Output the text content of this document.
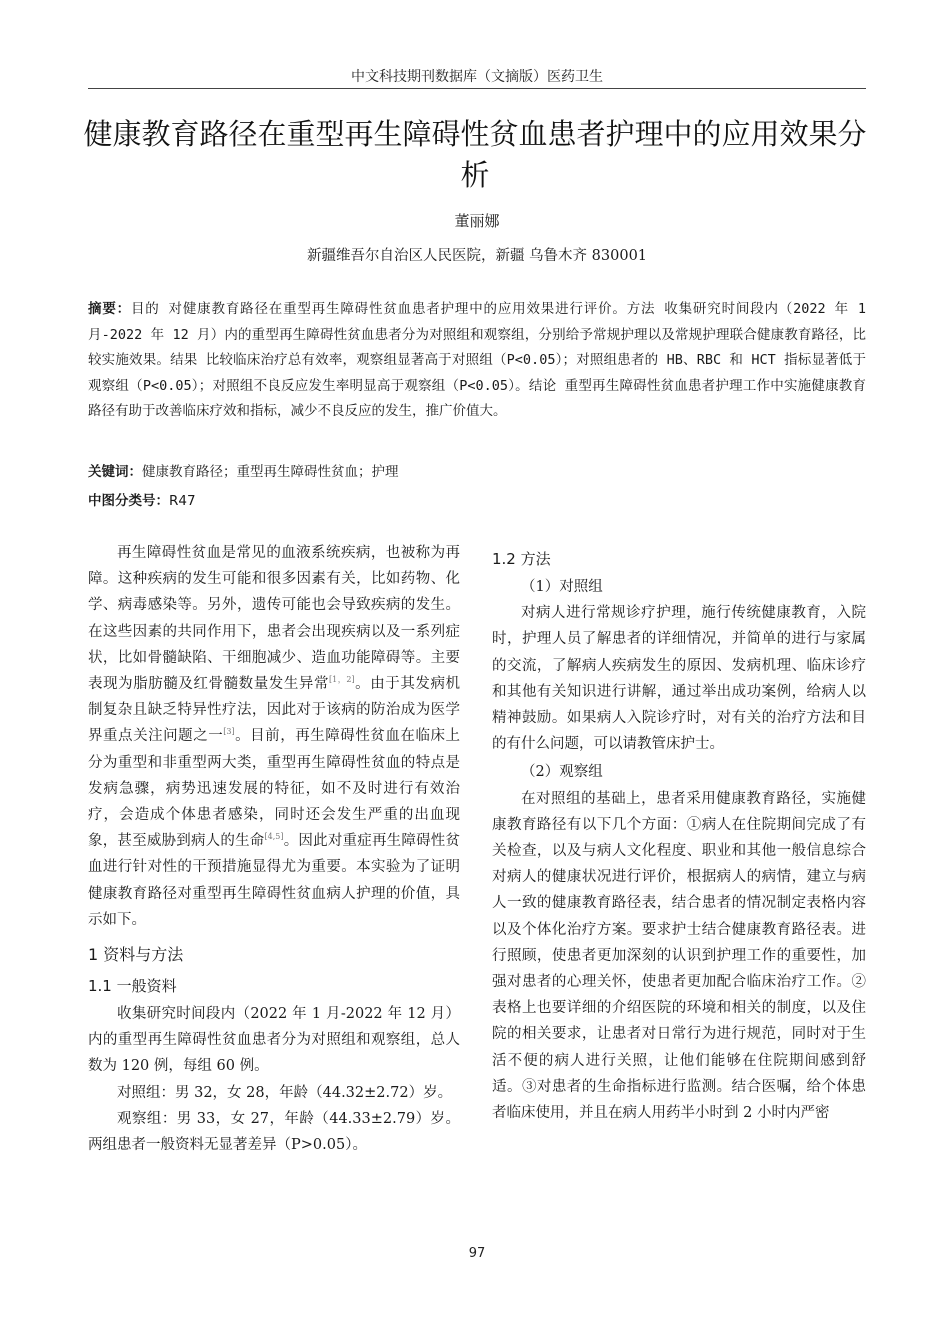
中文科技期刊数据库（文摘版）医药卫生
健康教育路径在重型再生障碍性贫血患者护理中的应用效果分析
董丽娜
新疆维吾尔自治区人民医院，新疆 乌鲁木齐 830001
摘要：目的 对健康教育路径在重型再生障碍性贫血患者护理中的应用效果进行评价。方法 收集研究时间段内（2022 年 1 月-2022 年 12 月）内的重型再生障碍性贫血患者分为对照组和观察组，分别给予常规护理以及常规护理联合健康教育路径，比较实施效果。结果 比较临床治疗总有效率，观察组显著高于对照组（P<0.05）；对照组患者的 HB、RBC 和 HCT 指标显著低于观察组（P<0.05）；对照组不良反应发生率明显高于观察组（P<0.05）。结论 重型再生障碍性贫血患者护理工作中实施健康教育路径有助于改善临床疗效和指标，减少不良反应的发生，推广价值大。
关键词：健康教育路径；重型再生障碍性贫血；护理
中图分类号：R47

再生障碍性贫血是常见的血液系统疾病，也被称为再障。这种疾病的发生可能和很多因素有关，比如药物、化学、病毒感染等。另外，遗传可能也会导致疾病的发生。在这些因素的共同作用下，患者会出现疾病以及一系列症状，比如骨髓缺陷、干细胞减少、造血功能障碍等。主要表现为脂肪髓及红骨髓数量发生异常[1，2]。由于其发病机制复杂且缺乏特异性疗法，因此对于该病的防治成为医学界重点关注问题之一[3]。目前，再生障碍性贫血在临床上分为重型和非重型两大类，重型再生障碍性贫血的特点是发病急骤，病势迅速发展的特征，如不及时进行有效治疗，会造成个体患者感染，同时还会发生严重的出血现象，甚至威胁到病人的生命[4,5]。因此对重症再生障碍性贫血进行针对性的干预措施显得尤为重要。本实验为了证明健康教育路径对重型再生障碍性贫血病人护理的价值，具示如下。

1 资料与方法

1.1 一般资料

收集研究时间段内（2022 年 1 月-2022 年 12 月）内的重型再生障碍性贫血患者分为对照组和观察组，总人数为 120 例，每组 60 例。

对照组：男 32，女 28，年龄（44.32±2.72）岁。

观察组：男 33，女 27，年龄（44.33±2.79）岁。两组患者一般资料无显著差异（P>0.05）。

1.2 方法

（1）对照组

对病人进行常规诊疗护理，施行传统健康教育，入院时，护理人员了解患者的详细情况，并简单的进行与家属的交流，了解病人疾病发生的原因、发病机理、临床诊疗和其他有关知识进行讲解，通过举出成功案例，给病人以精神鼓励。如果病人入院诊疗时，对有关的治疗方法和目的有什么问题，可以请教管床护士。

（2）观察组

在对照组的基础上，患者采用健康教育路径，实施健康教育路径有以下几个方面：①病人在住院期间完成了有关检查，以及与病人文化程度、职业和其他一般信息综合对病人的健康状况进行评价，根据病人的病情，建立与病人一致的健康教育路径表，结合患者的情况制定表格内容以及个体化治疗方案。要求护士结合健康教育路径表。进行照顾，使患者更加深刻的认识到护理工作的重要性，加强对患者的心理关怀，使患者更加配合临床治疗工作。②表格上也要详细的介绍医院的环境和相关的制度，以及住院的相关要求，让患者对日常行为进行规范，同时对于生活不便的病人进行关照，让他们能够在住院期间感到舒适。③对患者的生命指标进行监测。结合医嘱，给个体患者临床使用，并且在病人用药半小时到 2 小时内严密

97
